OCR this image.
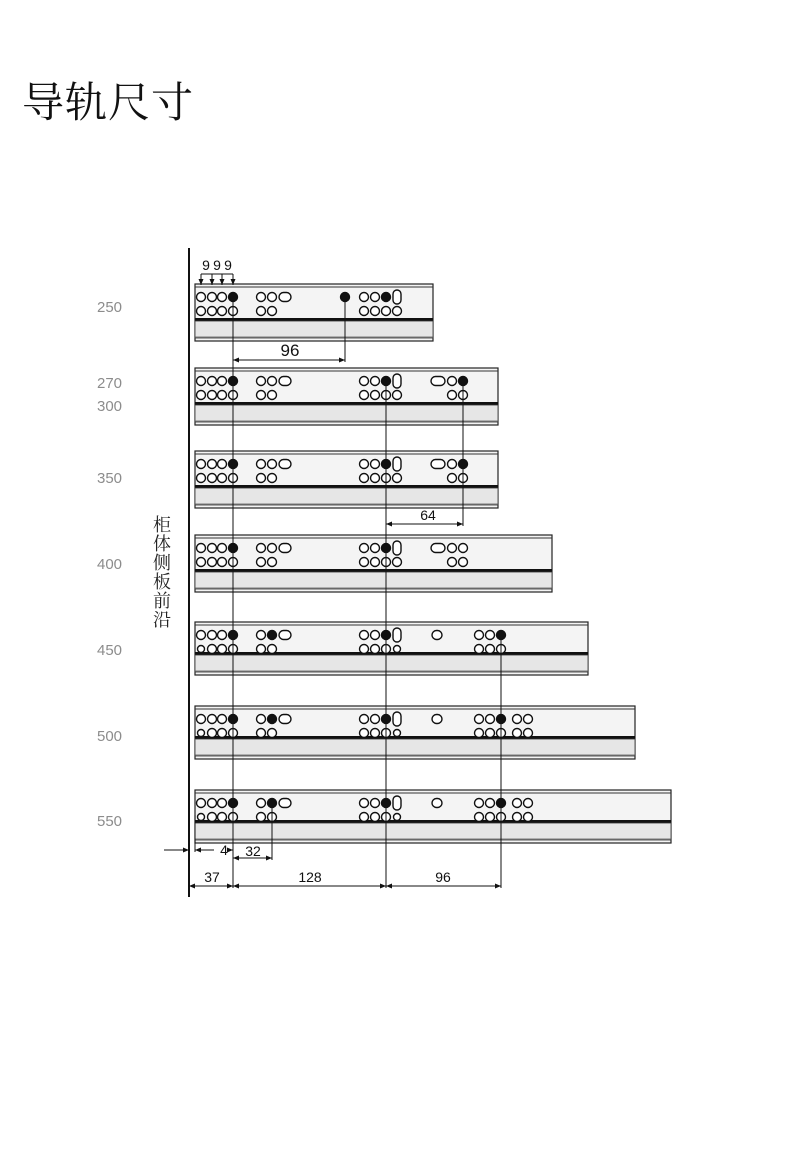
导轨尺寸
250
270
300
350
400
450
500
550
柜体侧板前沿
9 9 9
96
64
4 32
37	128	96
